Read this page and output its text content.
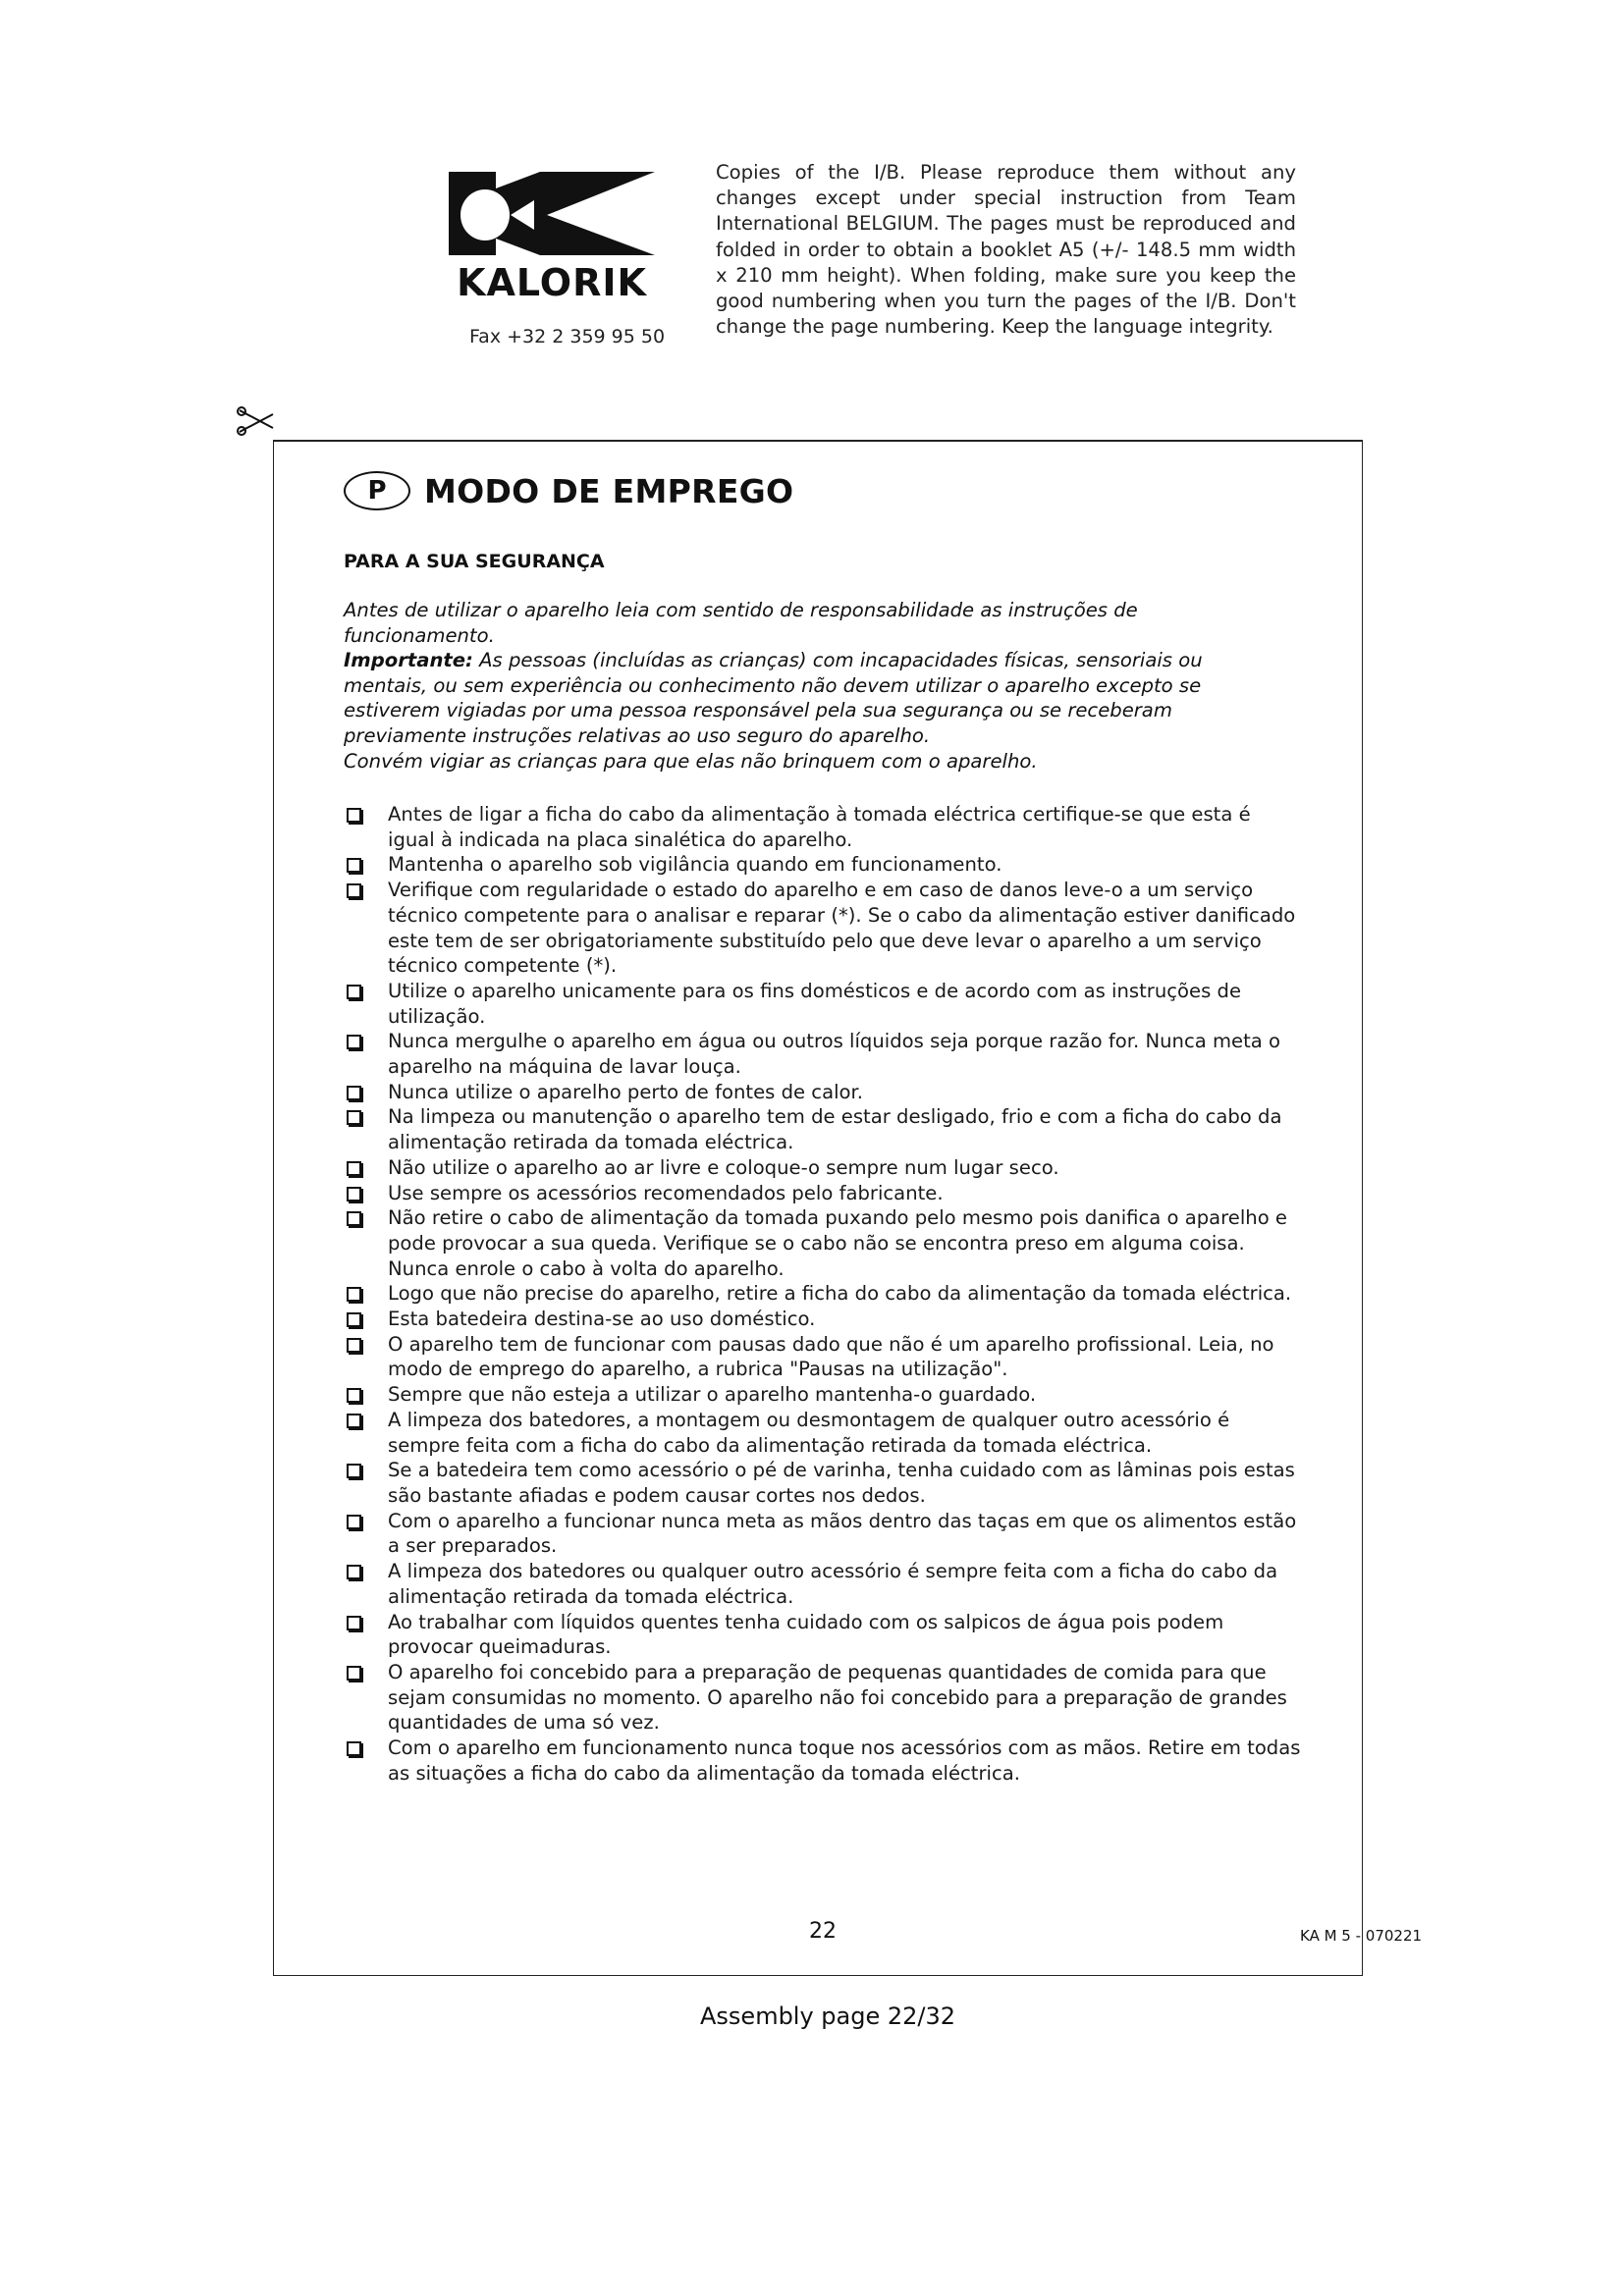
KALORIK
Fax +32 2 359 95 50
Copies of the I/B. Please reproduce them without any changes except under special instruction from Team International BELGIUM. The pages must be reproduced and folded in order to obtain a booklet A5 (+/- 148.5 mm width x 210 mm height). When folding, make sure you keep the good numbering when you turn the pages of the I/B. Don't change the page numbering. Keep the language integrity.
P	MODO DE EMPREGO
PARA A SUA SEGURANÇA

Antes de utilizar o aparelho leia com sentido de responsabilidade as instruções de funcionamento.

Importante: As pessoas (incluídas as crianças) com incapacidades físicas, sensoriais ou mentais, ou sem experiência ou conhecimento não devem utilizar o aparelho excepto se estiverem vigiadas por uma pessoa responsável pela sua segurança ou se receberam previamente instruções relativas ao uso seguro do aparelho.

Convém vigiar as crianças para que elas não brinquem com o aparelho.

Antes de ligar a ficha do cabo da alimentação à tomada eléctrica certifique-se que esta é igual à indicada na placa sinalética do aparelho.
Mantenha o aparelho sob vigilância quando em funcionamento.
Verifique com regularidade o estado do aparelho e em caso de danos leve-o a um serviço técnico competente para o analisar e reparar (*). Se o cabo da alimentação estiver danificado este tem de ser obrigatoriamente substituído pelo que deve levar o aparelho a um serviço técnico competente (*).
Utilize o aparelho unicamente para os fins domésticos e de acordo com as instruções de utilização.
Nunca mergulhe o aparelho em água ou outros líquidos seja porque razão for. Nunca meta o aparelho na máquina de lavar louça.
Nunca utilize o aparelho perto de fontes de calor.
Na limpeza ou manutenção o aparelho tem de estar desligado, frio e com a ficha do cabo da alimentação retirada da tomada eléctrica.
Não utilize o aparelho ao ar livre e coloque-o sempre num lugar seco.
Use sempre os acessórios recomendados pelo fabricante.
Não retire o cabo de alimentação da tomada puxando pelo mesmo pois danifica o aparelho e pode provocar a sua queda. Verifique se o cabo não se encontra preso em alguma coisa. Nunca enrole o cabo à volta do aparelho.
Logo que não precise do aparelho, retire a ficha do cabo da alimentação da tomada eléctrica.
Esta batedeira destina-se ao uso doméstico.
O aparelho tem de funcionar com pausas dado que não é um aparelho profissional. Leia, no modo de emprego do aparelho, a rubrica "Pausas na utilização".
Sempre que não esteja a utilizar o aparelho mantenha-o guardado.
A limpeza dos batedores, a montagem ou desmontagem de qualquer outro acessório é sempre feita com a ficha do cabo da alimentação retirada da tomada eléctrica.
Se a batedeira tem como acessório o pé de varinha, tenha cuidado com as lâminas pois estas são bastante afiadas e podem causar cortes nos dedos.
Com o aparelho a funcionar nunca meta as mãos dentro das taças em que os alimentos estão a ser preparados.
A limpeza dos batedores ou qualquer outro acessório é sempre feita com a ficha do cabo da alimentação retirada da tomada eléctrica.
Ao trabalhar com líquidos quentes tenha cuidado com os salpicos de água pois podem provocar queimaduras.
O aparelho foi concebido para a preparação de pequenas quantidades de comida para que sejam consumidas no momento. O aparelho não foi concebido para a preparação de grandes quantidades de uma só vez.
Com o aparelho em funcionamento nunca toque nos acessórios com as mãos. Retire em todas as situações a ficha do cabo da alimentação da tomada eléctrica.
22	KA M 5 - 070221
Assembly page 22/32
